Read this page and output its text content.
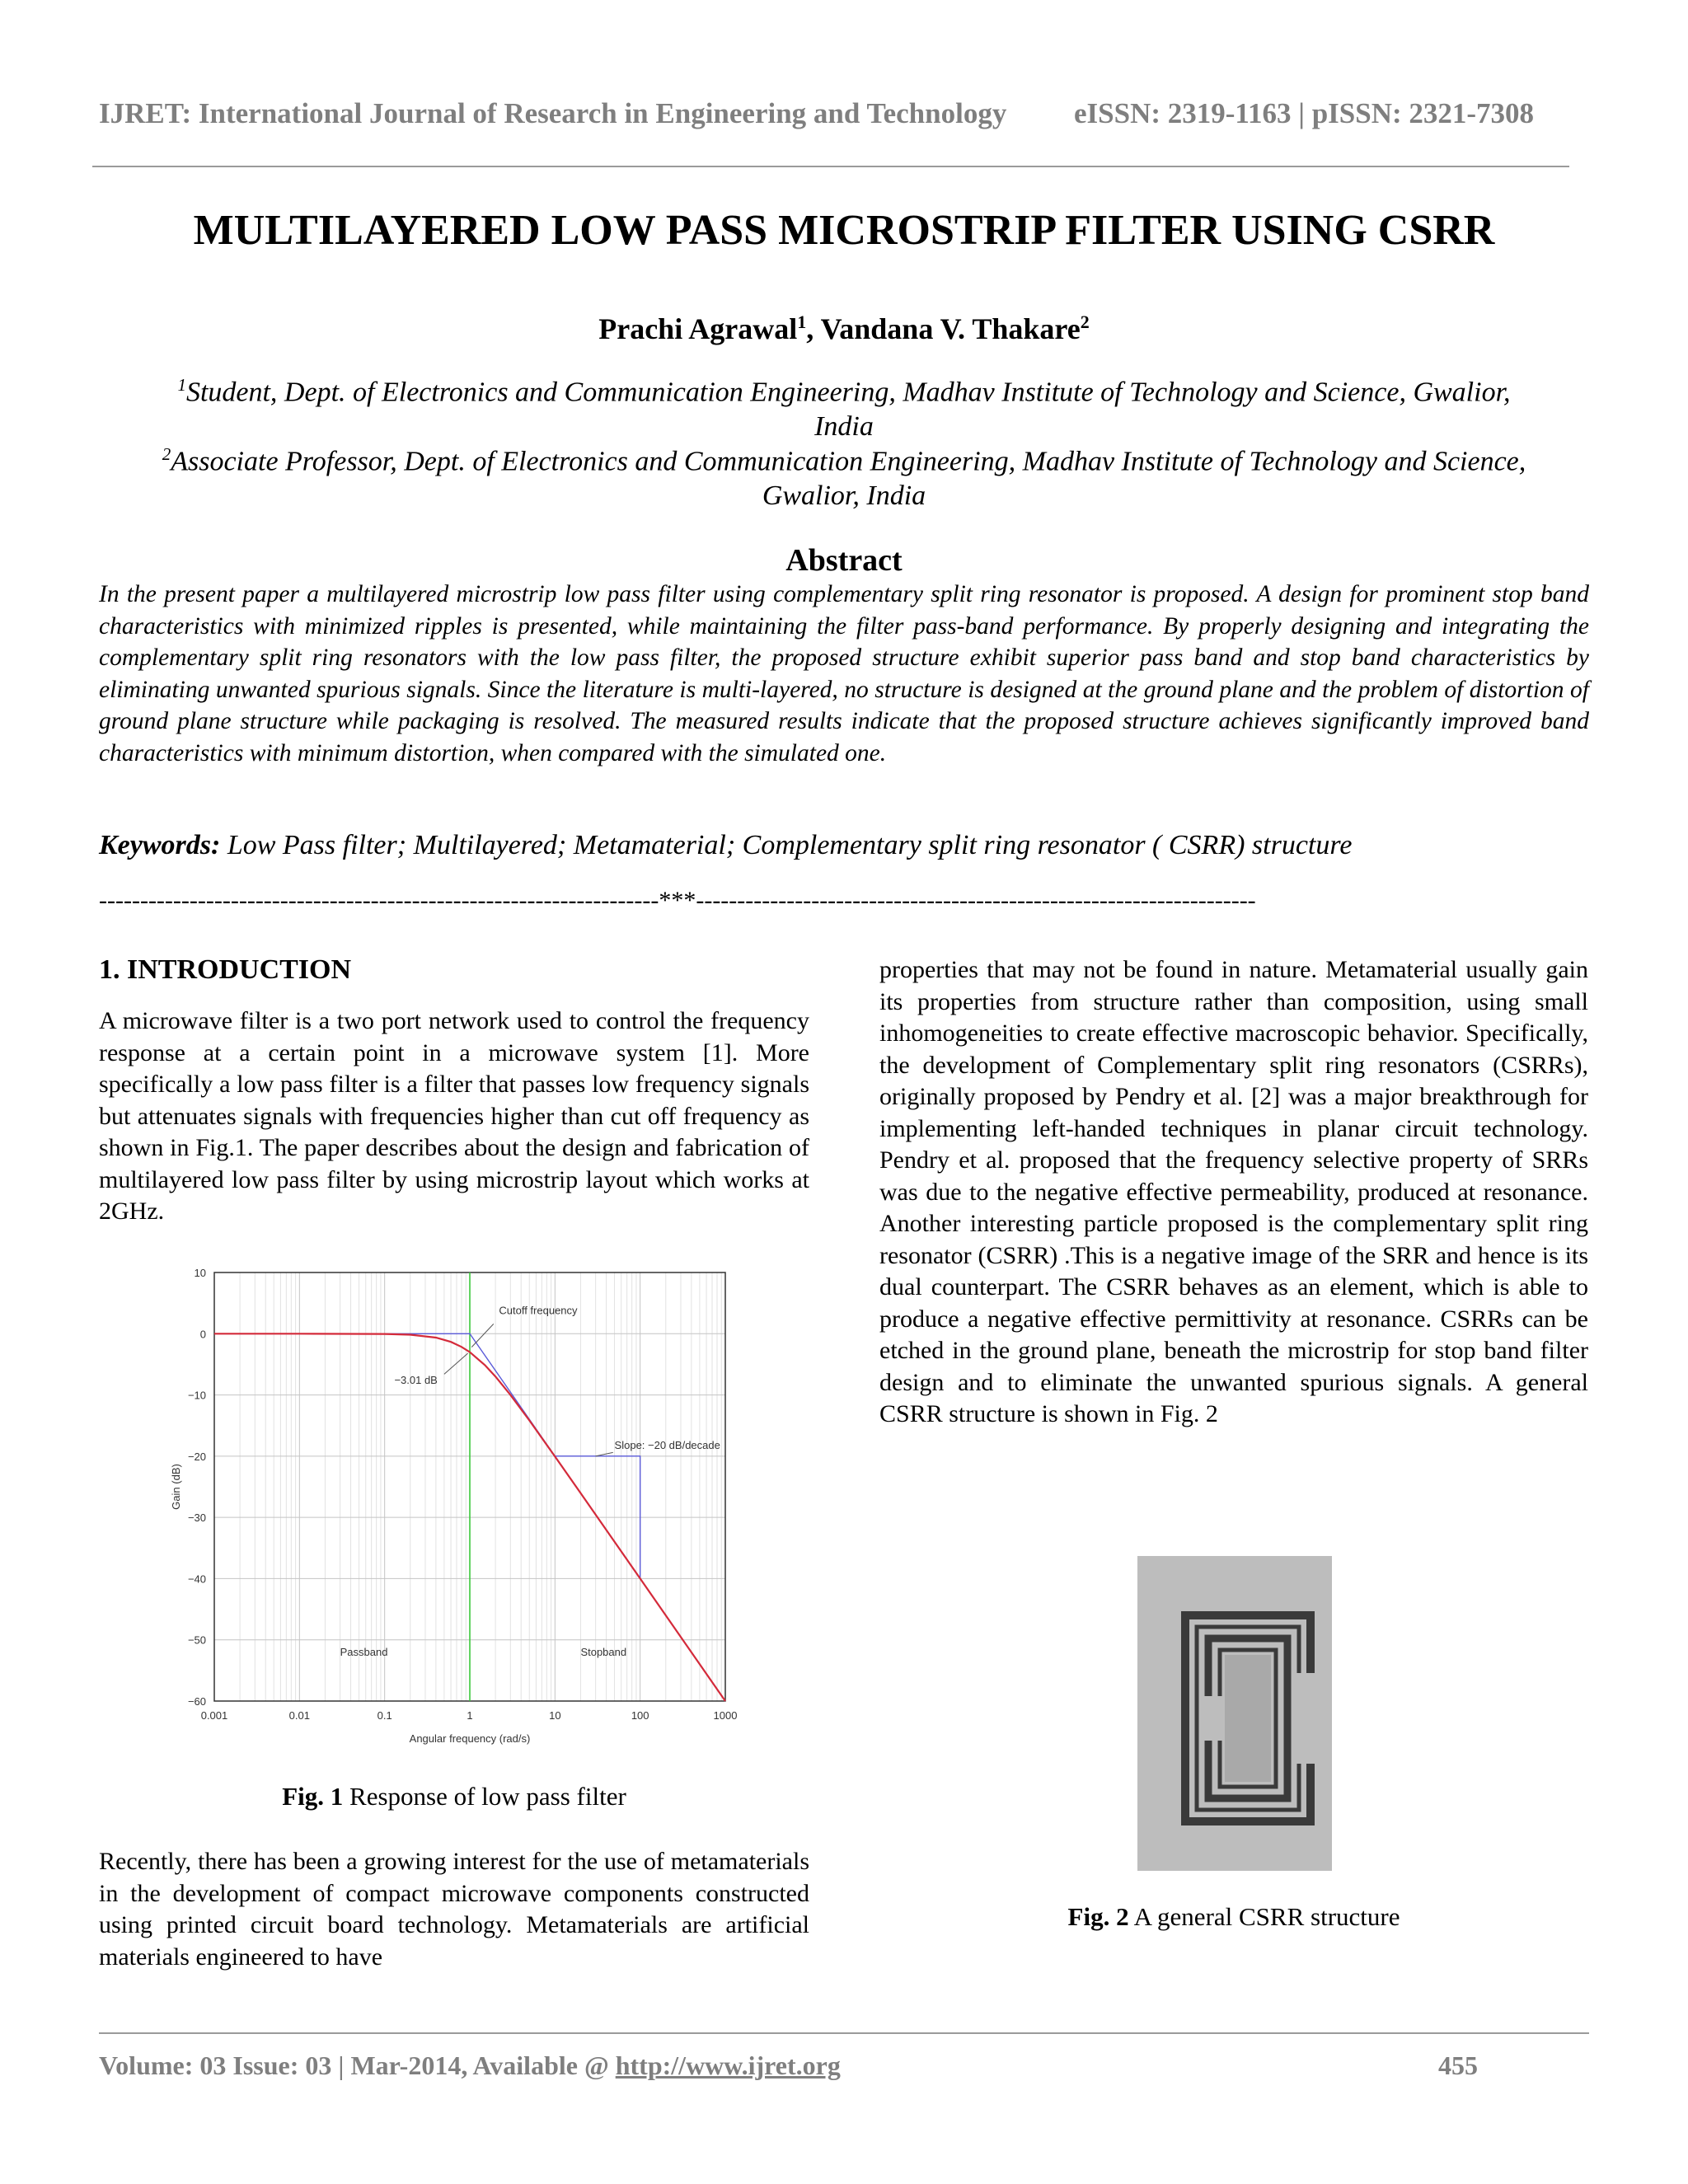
IJRET: International Journal of Research in Engineering and Technology eISSN: 2319-1163 | pISSN: 2321-7308
MULTILAYERED LOW PASS MICROSTRIP FILTER USING CSRR
Prachi Agrawal$^1$, Vandana V. Thakare$^2$
$^1$Student, Dept. of Electronics and Communication Engineering, Madhav Institute of Technology and Science, Gwalior,
India
$^2$Associate Professor, Dept. of Electronics and Communication Engineering, Madhav Institute of Technology and Science,
Gwalior, India
Abstract
In the present paper a multilayered microstrip low pass filter using complementary split ring resonator is proposed. A design for prominent stop band characteristics with minimized ripples is presented, while maintaining the filter pass-band performance. By properly designing and integrating the complementary split ring resonators with the low pass filter, the proposed structure exhibit superior pass band and stop band characteristics by eliminating unwanted spurious signals. Since the literature is multi-layered, no structure is designed at the ground plane and the problem of distortion of ground plane structure while packaging is resolved. The measured results indicate that the proposed structure achieves significantly improved band characteristics with minimum distortion, when compared with the simulated one.
Keywords: Low Pass filter; Multilayered; Metamaterial; Complementary split ring resonator ( CSRR) structure
--------------------------------------------------------------------***--------------------------------------------------------------------
1. INTRODUCTION
A microwave filter is a two port network used to control the frequency response at a certain point in a microwave system [1]. More specifically a low pass filter is a filter that passes low frequency signals but attenuates signals with frequencies higher than cut off frequency as shown in Fig.1. The paper describes about the design and fabrication of multilayered low pass filter by using microstrip layout which works at 2GHz.
0.001	0.01	0.1	1	10	100	1000
10
0
−10
−20
−30
−40
−50
−60
Cutoff frequency
−3.01 dB
Slope: −20 dB/decade
Passband	Stopband
Angular frequency (rad/s)
Gain (dB)
Fig. 1 Response of low pass filter
Recently, there has been a growing interest for the use of metamaterials in the development of compact microwave components constructed using printed circuit board technology. Metamaterials are artificial materials engineered to have
properties that may not be found in nature. Metamaterial usually gain its properties from structure rather than composition, using small inhomogeneities to create effective macroscopic behavior. Specifically, the development of Complementary split ring resonators (CSRRs), originally proposed by Pendry et al. [2] was a major breakthrough for implementing left-handed techniques in planar circuit technology. Pendry et al. proposed that the frequency selective property of SRRs was due to the negative effective permeability, produced at resonance. Another interesting particle proposed is the complementary split ring resonator (CSRR) .This is a negative image of the SRR and hence is its dual counterpart. The CSRR behaves as an element, which is able to produce a negative effective permittivity at resonance. CSRRs can be etched in the ground plane, beneath the microstrip for stop band filter design and to eliminate the unwanted spurious signals. A general CSRR structure is shown in Fig. 2
Fig. 2 A general CSRR structure
Volume: 03 Issue: 03 | Mar-2014, Available @ http://www.ijret.org	455
